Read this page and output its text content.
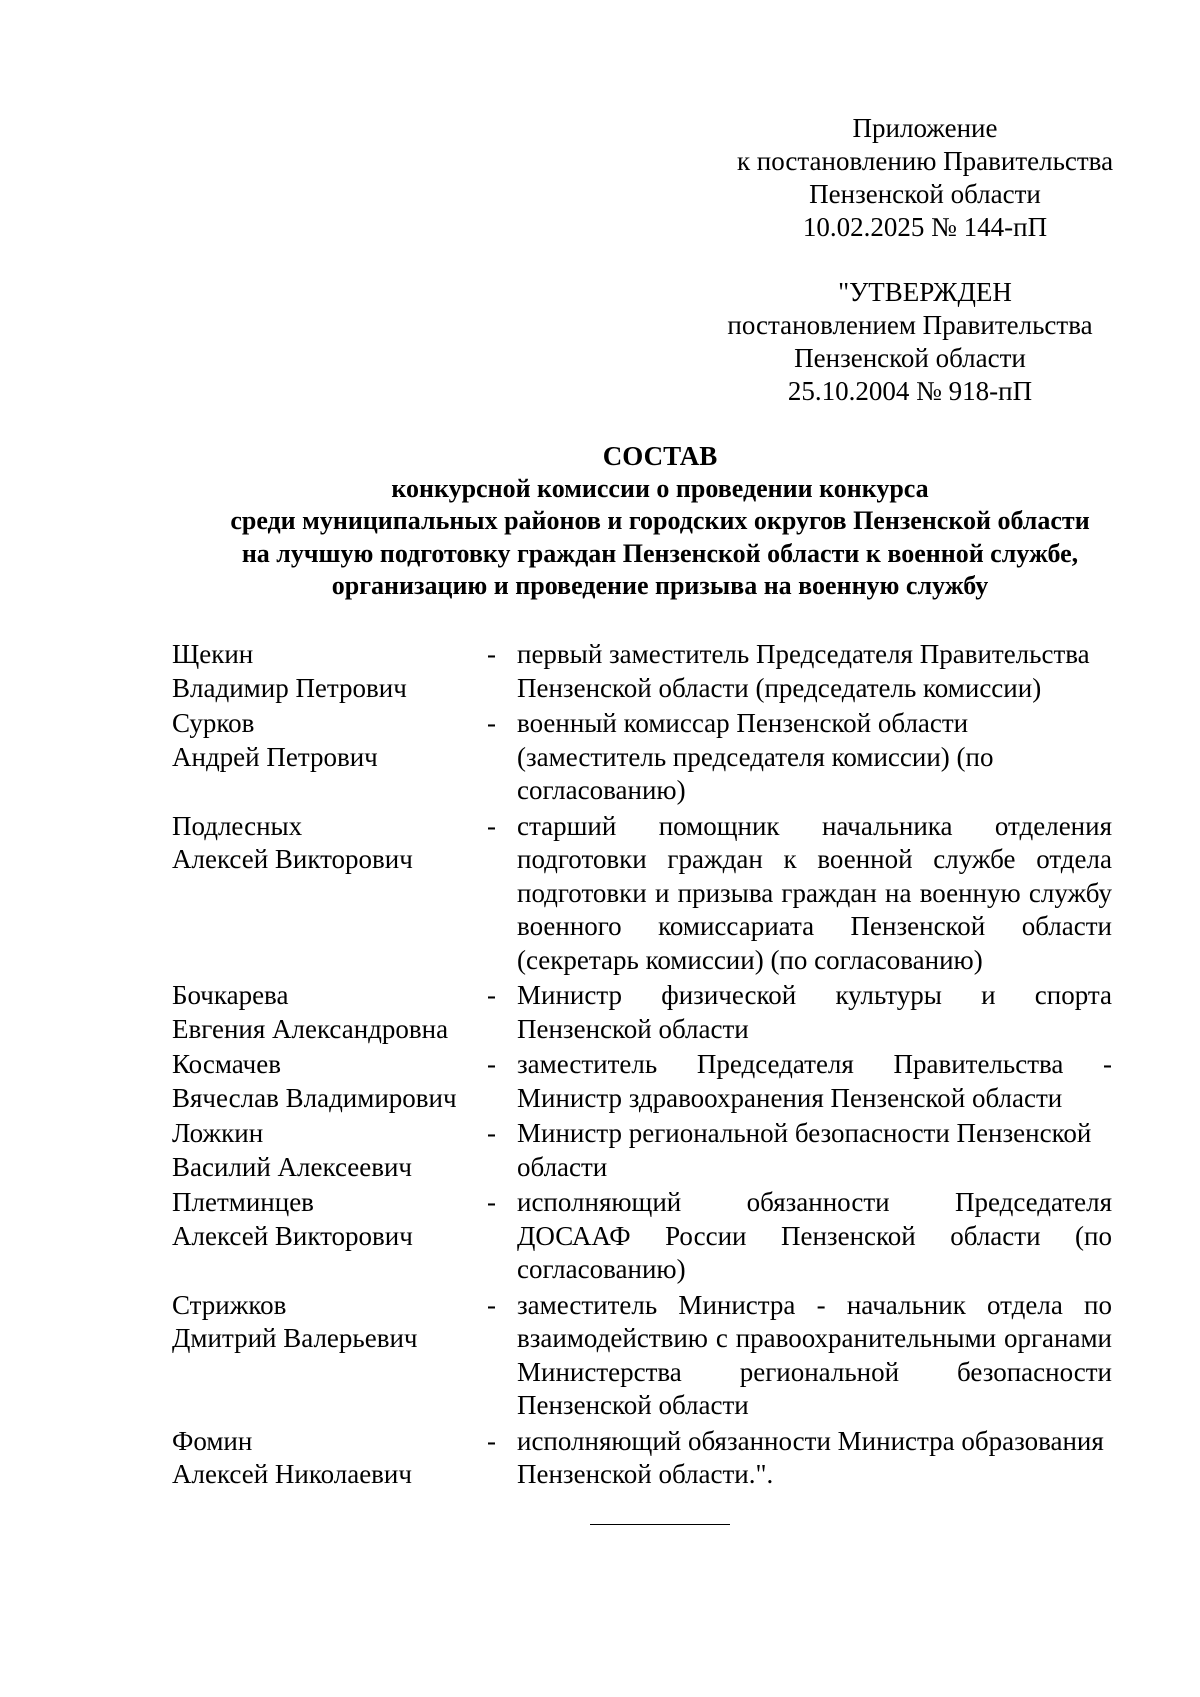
Приложение
к постановлению Правительства
Пензенской области
10.02.2025 № 144-пП
"УТВЕРЖДЕН
постановлением Правительства
Пензенской области
25.10.2004 № 918-пП
СОСТАВ
конкурсной комиссии о проведении конкурса
среди муниципальных районов и городских округов Пензенской области
на лучшую подготовку граждан Пензенской области к военной службе,
организацию и проведение призыва на военную службу
Щекин
Владимир Петрович
- первый заместитель Председателя Правительства Пензенской области (председатель комиссии)
Сурков
Андрей Петрович
- военный комиссар Пензенской области (заместитель председателя комиссии) (по согласованию)
Подлесных
Алексей Викторович
- старший помощник начальника отделения подготовки граждан к военной службе отдела подготовки и призыва граждан на военную службу военного комиссариата Пензенской области (секретарь комиссии) (по согласованию)
Бочкарева
Евгения Александровна
- Министр физической культуры и спорта Пензенской области
Космачев
Вячеслав Владимирович
- заместитель Председателя Правительства - Министр здравоохранения Пензенской области
Ложкин
Василий Алексеевич
- Министр региональной безопасности Пензенской области
Плетминцев
Алексей Викторович
- исполняющий обязанности Председателя ДОСААФ России Пензенской области (по согласованию)
Стрижков
Дмитрий Валерьевич
- заместитель Министра - начальник отдела по взаимодействию с правоохранительными органами Министерства региональной безопасности Пензенской области
Фомин
Алексей Николаевич
- исполняющий обязанности Министра образования Пензенской области.".
